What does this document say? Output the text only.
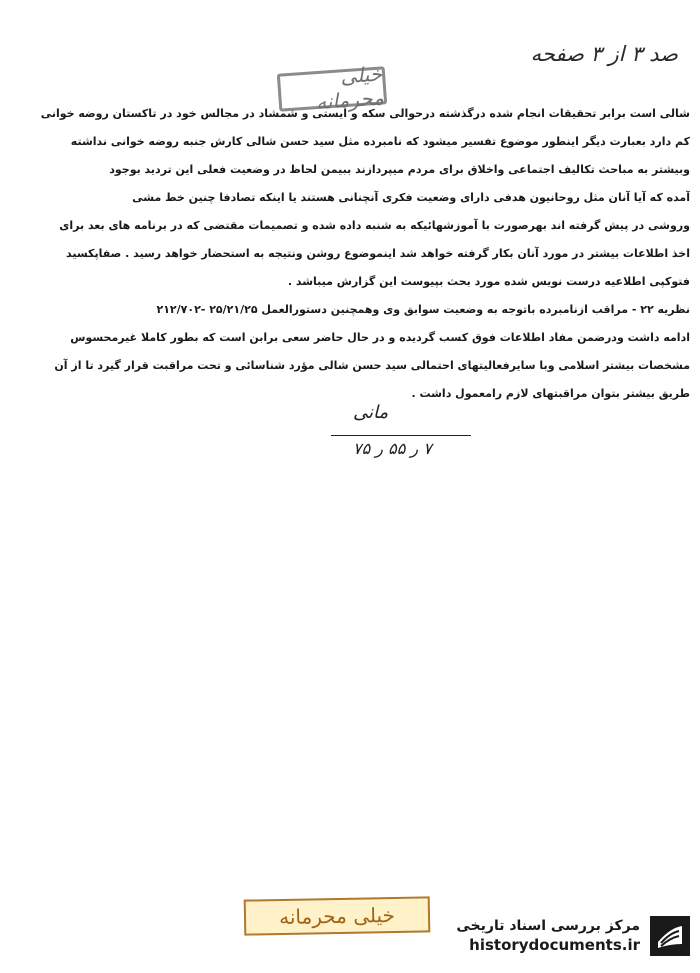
صد ۳ از ۳ صفحه
خیلی محرمانه
شالی است برابر تحقیقات انجام شده درگذشته درحوالی سکه و ایستی و شمشاد در مجالس خود در تاکستان روضه خوانی
کم دارد بعبارت دیگر اینطور موضوع تفسیر میشود که نامبرده مثل سید حسن شالی کارش جنبه روضه خوانی نداشته
وبیشتر به مباحث تکالیف اجتماعی واخلاق برای مردم میپردازند ببیمن لحاظ در وضعیت فعلی این تردید بوجود
آمده که آیا آنان مثل روحانیون هدفی دارای وضعیت فکری آنچنانی هستند یا اینکه تصادفا چنین خط مشی
وروشی در پیش گرفته اند بهرصورت با آموزشهائیکه به شنبه داده شده و تصمیمات مقتضی که در برنامه های بعد برای
اخذ اطلاعات بیشتر در مورد آنان بکار گرفته خواهد شد اینموضوع روشن ونتیجه به استحضار خواهد رسید . صفاپکسید
فتوکپی اطلاعیه درست نویس شده مورد بحث بپیوست این گزارش میباشد .
نظریه ۲۲ - مراقب ازنامبرده باتوجه به وضعیت سوابق وی وهمچنین دستورالعمل ۲۵/۲۱/۲۵ -۲۱۲/۷۰۲
ادامه داشت ودرضمن مفاد اطلاعات فوق کسب گردیده و در حال حاضر سعی برابن است که بطور کاملا غیرمحسوس
مشخصات بیشتر اسلامی وبا سایرفعالیتهای احتمالی سید حسن شالی مؤرد شناسائی و تحت مراقبت قرار گیرد تا از آن
طریق بیشتر بتوان مراقبتهای لازم رامعمول داشت .
مانی
۷ ر ۵۵ ر ۷۵
خیلی محرمانه	مرکز بررسی اسناد تاریخی
historydocuments.ir
